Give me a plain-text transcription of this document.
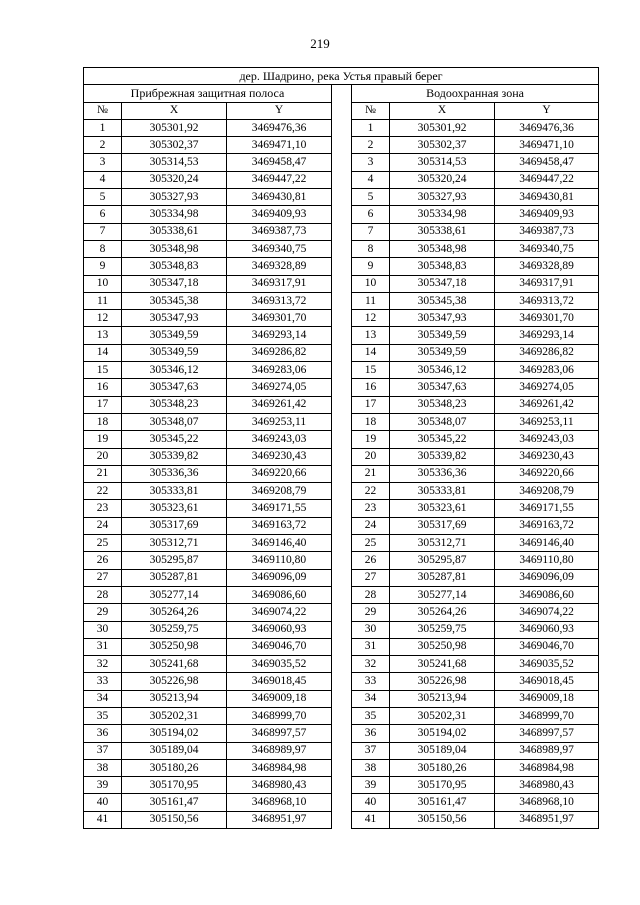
219
дер. Шадрино, река Устья правый берег						
Прибрежная защитная полоса				Водоохранная зона		
№	X	Y		№	X	Y
1	305301,92	3469476,36		1	305301,92	3469476,36
2	305302,37	3469471,10		2	305302,37	3469471,10
3	305314,53	3469458,47		3	305314,53	3469458,47
4	305320,24	3469447,22		4	305320,24	3469447,22
5	305327,93	3469430,81		5	305327,93	3469430,81
6	305334,98	3469409,93		6	305334,98	3469409,93
7	305338,61	3469387,73		7	305338,61	3469387,73
8	305348,98	3469340,75		8	305348,98	3469340,75
9	305348,83	3469328,89		9	305348,83	3469328,89
10	305347,18	3469317,91		10	305347,18	3469317,91
11	305345,38	3469313,72		11	305345,38	3469313,72
12	305347,93	3469301,70		12	305347,93	3469301,70
13	305349,59	3469293,14		13	305349,59	3469293,14
14	305349,59	3469286,82		14	305349,59	3469286,82
15	305346,12	3469283,06		15	305346,12	3469283,06
16	305347,63	3469274,05		16	305347,63	3469274,05
17	305348,23	3469261,42		17	305348,23	3469261,42
18	305348,07	3469253,11		18	305348,07	3469253,11
19	305345,22	3469243,03		19	305345,22	3469243,03
20	305339,82	3469230,43		20	305339,82	3469230,43
21	305336,36	3469220,66		21	305336,36	3469220,66
22	305333,81	3469208,79		22	305333,81	3469208,79
23	305323,61	3469171,55		23	305323,61	3469171,55
24	305317,69	3469163,72		24	305317,69	3469163,72
25	305312,71	3469146,40		25	305312,71	3469146,40
26	305295,87	3469110,80		26	305295,87	3469110,80
27	305287,81	3469096,09		27	305287,81	3469096,09
28	305277,14	3469086,60		28	305277,14	3469086,60
29	305264,26	3469074,22		29	305264,26	3469074,22
30	305259,75	3469060,93		30	305259,75	3469060,93
31	305250,98	3469046,70		31	305250,98	3469046,70
32	305241,68	3469035,52		32	305241,68	3469035,52
33	305226,98	3469018,45		33	305226,98	3469018,45
34	305213,94	3469009,18		34	305213,94	3469009,18
35	305202,31	3468999,70		35	305202,31	3468999,70
36	305194,02	3468997,57		36	305194,02	3468997,57
37	305189,04	3468989,97		37	305189,04	3468989,97
38	305180,26	3468984,98		38	305180,26	3468984,98
39	305170,95	3468980,43		39	305170,95	3468980,43
40	305161,47	3468968,10		40	305161,47	3468968,10
41	305150,56	3468951,97		41	305150,56	3468951,97
